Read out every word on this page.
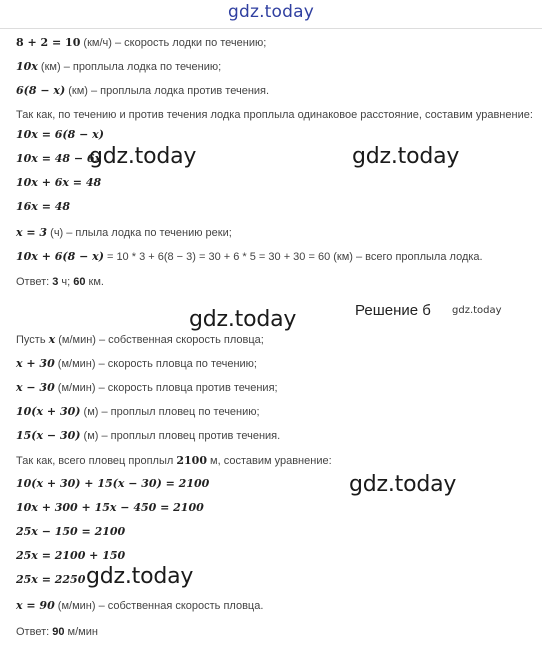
gdz.today
8 + 2 = 10 (км/ч) – скорость лодки по течению;
10x (км) – проплыла лодка по течению;
6(8 − x) (км) – проплыла лодка против течения.
Так как, по течению и против течения лодка проплыла одинаковое расстояние, составим уравнение:
10x = 6(8 − x)
10x = 48 − 6x
10x + 6x = 48
16x = 48
x = 3 (ч) – плыла лодка по течению реки;
10x + 6(8 − x) = 10 * 3 + 6(8 − 3) = 30 + 6 * 5 = 30 + 30 = 60 (км) – всего проплыла лодка.
Ответ: 3 ч; 60 км.
Решение б gdz.today
Пусть x (м/мин) – собственная скорость пловца;
x + 30 (м/мин) – скорость пловца по течению;
x − 30 (м/мин) – скорость пловца против течения;
10(x + 30) (м) – проплыл пловец по течению;
15(x − 30) (м) – проплыл пловец против течения.
Так как, всего пловец проплыл 2100 м, составим уравнение:
10(x + 30) + 15(x − 30) = 2100
10x + 300 + 15x − 450 = 2100
25x − 150 = 2100
25x = 2100 + 150
25x = 2250
x = 90 (м/мин) – собственная скорость пловца.
Ответ: 90 м/мин
gdz.today	gdz.today
gdz.today
gdz.today
gdz.today
